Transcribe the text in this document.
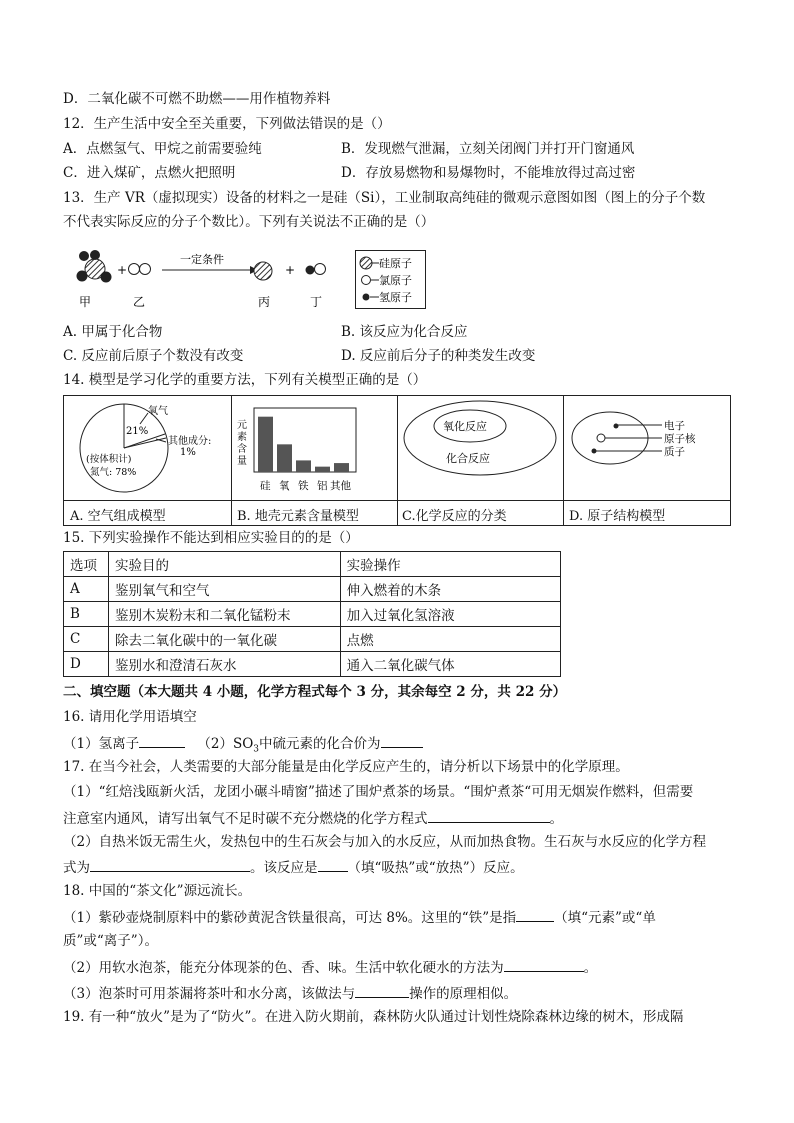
D．二氧化碳不可燃不助燃——用作植物养料
12．生产生活中安全至关重要，下列做法错误的是（）
A．点燃氢气、甲烷之前需要验纯	B．发现燃气泄漏，立刻关闭阀门并打开门窗通风
C．进入煤矿，点燃火把照明	D．存放易燃物和易爆物时，不能堆放得过高过密
13．生产 VR（虚拟现实）设备的材料之一是硅（Si），工业制取高纯硅的微观示意图如图（图上的分子个数
不代表实际反应的分子个数比）。下列有关说法不正确的是（）
+
一定条件
+
甲	乙	丙	丁
硅原子
氯原子
氢原子
A. 甲属于化合物	B. 该反应为化合反应
C. 反应前后原子个数没有改变	D. 反应前后分子的种类发生改变
14. 模型是学习化学的重要方法，下列有关模型正确的是（）
氧气
21%
其他成分:
1%
(按体积计)
氮气: 78%
元
素
含
量
硅 氧 铁 铝 其他
氧化反应
化合反应
电子
原子核
质子
A. 空气组成模型	B. 地壳元素含量模型	C.化学反应的分类	D. 原子结构模型
15. 下列实验操作不能达到相应实验目的的是（）
选项	实验目的	实验操作
A	鉴别氧气和空气	伸入燃着的木条
B	鉴别木炭粉末和二氧化锰粉末	加入过氧化氢溶液
C	除去二氧化碳中的一氧化碳	点燃
D	鉴别水和澄清石灰水	通入二氧化碳气体
二、填空题（本大题共 4 小题，化学方程式每个 3 分，其余每空 2 分，共 22 分）
16. 请用化学用语填空
（1）氢离子	$(2)SO_3$中硫元素的化合价为
17. 在当今社会，人类需要的大部分能量是由化学反应产生的，请分析以下场景中的化学原理。
（1）“红焙浅瓯新火活，龙团小碾斗晴窗”描述了围炉煮茶的场景。“围炉煮茶“可用无烟炭作燃料，但需要
注意室内通风，请写出氧气不足时碳不充分燃烧的化学方程式	。
（2）自热米饭无需生火，发热包中的生石灰会与加入的水反应，从而加热食物。生石灰与水反应的化学方程
式为	。该反应是 （填“吸热”或“放热”）反应。
18. 中国的“茶文化”源远流长。
（1）紫砂壶烧制原料中的紫砂黄泥含铁量很高，可达 8%。这里的“铁”是指	（填“元素”或“单
质”或“离子”）。
（2）用软水泡茶，能充分体现茶的色、香、味。生活中软化硬水的方法为	。
（3）泡茶时可用茶漏将茶叶和水分离，该做法与	操作的原理相似。
19. 有一种“放火”是为了“防火”。在进入防火期前，森林防火队通过计划性烧除森林边缘的树木，形成隔
